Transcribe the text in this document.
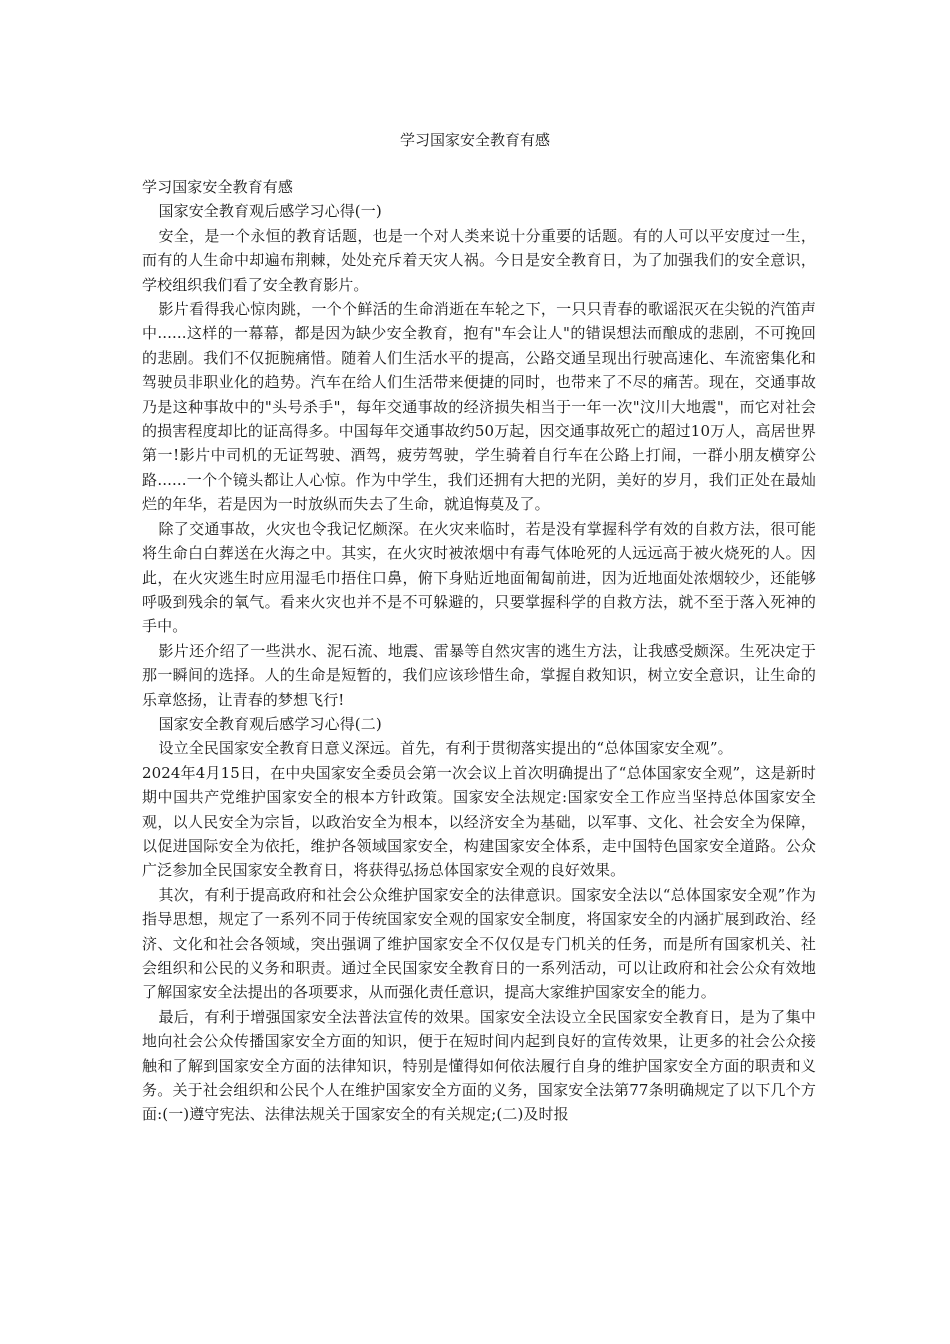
学习国家安全教育有感

学习国家安全教育有感

国家安全教育观后感学习心得(一)

安全，是一个永恒的教育话题，也是一个对人类来说十分重要的话题。有的人可以平安度过一生，而有的人生命中却遍布荆棘，处处充斥着天灾人祸。今日是安全教育日，为了加强我们的安全意识，学校组织我们看了安全教育影片。

影片看得我心惊肉跳，一个个鲜活的生命消逝在车轮之下，一只只青春的歌谣泯灭在尖锐的汽笛声中......这样的一幕幕，都是因为缺少安全教育，抱有"车会让人"的错误想法而酿成的悲剧，不可挽回的悲剧。我们不仅扼腕痛惜。随着人们生活水平的提高，公路交通呈现出行驶高速化、车流密集化和驾驶员非职业化的趋势。汽车在给人们生活带来便捷的同时，也带来了不尽的痛苦。现在，交通事故乃是这种事故中的"头号杀手"，每年交通事故的经济损失相当于一年一次"汶川大地震"，而它对社会的损害程度却比的证高得多。中国每年交通事故约50万起，因交通事故死亡的超过10万人，高居世界第一!影片中司机的无证驾驶、酒驾，疲劳驾驶，学生骑着自行车在公路上打闹，一群小朋友横穿公路......一个个镜头都让人心惊。作为中学生，我们还拥有大把的光阴，美好的岁月，我们正处在最灿烂的年华，若是因为一时放纵而失去了生命，就追悔莫及了。

除了交通事故，火灾也令我记忆颇深。在火灾来临时，若是没有掌握科学有效的自救方法，很可能将生命白白葬送在火海之中。其实，在火灾时被浓烟中有毒气体呛死的人远远高于被火烧死的人。因此，在火灾逃生时应用湿毛巾捂住口鼻，俯下身贴近地面匍匐前进，因为近地面处浓烟较少，还能够呼吸到残余的氧气。看来火灾也并不是不可躲避的，只要掌握科学的自救方法，就不至于落入死神的手中。

影片还介绍了一些洪水、泥石流、地震、雷暴等自然灾害的逃生方法，让我感受颇深。生死决定于那一瞬间的选择。人的生命是短暂的，我们应该珍惜生命，掌握自救知识，树立安全意识，让生命的乐章悠扬，让青春的梦想飞行!

国家安全教育观后感学习心得(二)

设立全民国家安全教育日意义深远。首先，有利于贯彻落实提出的“总体国家安全观”。

2024年4月15日，在中央国家安全委员会第一次会议上首次明确提出了“总体国家安全观”，这是新时期中国共产党维护国家安全的根本方针政策。国家安全法规定:国家安全工作应当坚持总体国家安全观，以人民安全为宗旨，以政治安全为根本，以经济安全为基础，以军事、文化、社会安全为保障，以促进国际安全为依托，维护各领域国家安全，构建国家安全体系，走中国特色国家安全道路。公众广泛参加全民国家安全教育日，将获得弘扬总体国家安全观的良好效果。

其次，有利于提高政府和社会公众维护国家安全的法律意识。国家安全法以“总体国家安全观”作为指导思想，规定了一系列不同于传统国家安全观的国家安全制度，将国家安全的内涵扩展到政治、经济、文化和社会各领域，突出强调了维护国家安全不仅仅是专门机关的任务，而是所有国家机关、社会组织和公民的义务和职责。通过全民国家安全教育日的一系列活动，可以让政府和社会公众有效地了解国家安全法提出的各项要求，从而强化责任意识，提高大家维护国家安全的能力。

最后，有利于增强国家安全法普法宣传的效果。国家安全法设立全民国家安全教育日，是为了集中地向社会公众传播国家安全方面的知识，便于在短时间内起到良好的宣传效果，让更多的社会公众接触和了解到国家安全方面的法律知识，特别是懂得如何依法履行自身的维护国家安全方面的职责和义务。关于社会组织和公民个人在维护国家安全方面的义务，国家安全法第77条明确规定了以下几个方面:(一)遵守宪法、法律法规关于国家安全的有关规定;(二)及时报
